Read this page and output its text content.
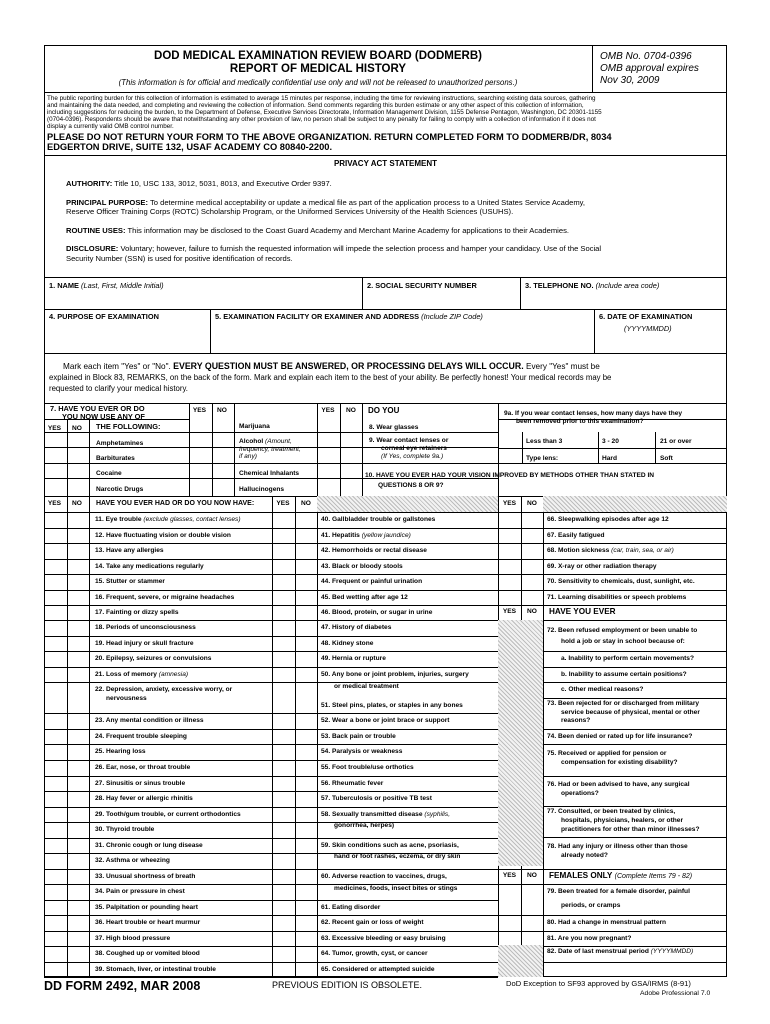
DOD MEDICAL EXAMINATION REVIEW BOARD (DODMERB)
REPORT OF MEDICAL HISTORY
(This information is for official and medically confidential use only and will not be released to unauthorized persons.)
OMB No. 0704-0396
OMB approval expires
Nov 30, 2009
The public reporting burden for this collection of information is estimated to average 15 minutes per response, including the time for reviewing instructions, searching existing data sources, gathering
and maintaining the data needed, and completing and reviewing the collection of information. Send comments regarding this burden estimate or any other aspect of this collection of information,
including suggestions for reducing the burden, to the Department of Defense, Executive Services Directorate, Information Management Division, 1155 Defense Pentagon, Washington, DC 20301-1155
(0704-0396). Respondents should be aware that notwithstanding any other provision of law, no person shall be subject to any penalty for failing to comply with a collection of information if it does not
display a currently valid OMB control number.
PLEASE DO NOT RETURN YOUR FORM TO THE ABOVE ORGANIZATION. RETURN COMPLETED FORM TO DODMERB/DR, 8034
EDGERTON DRIVE, SUITE 132, USAF ACADEMY CO 80840-2200.
PRIVACY ACT STATEMENT
AUTHORITY: Title 10, USC 133, 3012, 5031, 8013, and Executive Order 9397.
PRINCIPAL PURPOSE: To determine medical acceptability or update a medical file as part of the application process to a United States Service Academy,
Reserve Officer Training Corps (ROTC) Scholarship Program, or the Uniformed Services University of the Health Sciences (USUHS).
ROUTINE USES: This information may be disclosed to the Coast Guard Academy and Merchant Marine Academy for applications to their Academies.
DISCLOSURE: Voluntary; however, failure to furnish the requested information will impede the selection process and hamper your candidacy. Use of the Social
Security Number (SSN) is used for positive identification of records.
1. NAME (Last, First, Middle Initial)	2. SOCIAL SECURITY NUMBER	3. TELEPHONE NO. (Include area code)
4. PURPOSE OF EXAMINATION	5. EXAMINATION FACILITY OR EXAMINER AND ADDRESS (Include ZIP Code)	6. DATE OF EXAMINATION
(YYYYMMDD)
Mark each item "Yes" or "No". EVERY QUESTION MUST BE ANSWERED, OR PROCESSING DELAYS WILL OCCUR. Every "Yes" must be
explained in Block 83, REMARKS, on the back of the form. Mark and explain each item to the best of your ability. Be perfectly honest! Your medical records may be
requested to clarify your medical history.
7. HAVE YOU EVER OR DO
YOU NOW USE ANY OF
YES	NO	THE FOLLOWING:
YES	NO	YES	NO
Amphetamines
Barbiturates
Cocaine
Narcotic Drugs
Marijuana
Alcohol (Amount,
frequency, treatment,
if any)
Chemical Inhalants
Hallucinogens
DO YOU
8. Wear glasses
9. Wear contact lenses or
corneal eye retainers
(If Yes, complete 9a.)
10. HAVE YOU EVER HAD YOUR VISION IMPROVED BY METHODS OTHER THAN STATED IN
QUESTIONS 8 OR 9?
9a. If you wear contact lenses, how many days have they
been removed prior to this examination?
Less than 3	3 - 20	21 or over
Type lens:	Hard	Soft
YES	NO	HAVE YOU EVER HAD OR DO YOU NOW HAVE:	YES	NO	YES	NO
YES	NO	HAVE YOU EVER
YES	NO	FEMALES ONLY (Complete Items 79 - 82)
11. Eye trouble (exclude glasses, contact lenses)
12. Have fluctuating vision or double vision
13. Have any allergies
14. Take any medications regularly
15. Stutter or stammer
16. Frequent, severe, or migraine headaches
17. Fainting or dizzy spells
18. Periods of unconsciousness
19. Head injury or skull fracture
20. Epilepsy, seizures or convulsions
21. Loss of memory (amnesia)
22. Depression, anxiety, excessive worry, or
nervousness
23. Any mental condition or illness
24. Frequent trouble sleeping
25. Hearing loss
26. Ear, nose, or throat trouble
27. Sinusitis or sinus trouble
28. Hay fever or allergic rhinitis
29. Tooth/gum trouble, or current orthodontics
30. Thyroid trouble
31. Chronic cough or lung disease
32. Asthma or wheezing
33. Unusual shortness of breath
34. Pain or pressure in chest
35. Palpitation or pounding heart
36. Heart trouble or heart murmur
37. High blood pressure
38. Coughed up or vomited blood
39. Stomach, liver, or intestinal trouble
40. Gallbladder trouble or gallstones
41. Hepatitis (yellow jaundice)
42. Hemorrhoids or rectal disease
43. Black or bloody stools
44. Frequent or painful urination
45. Bed wetting after age 12
46. Blood, protein, or sugar in urine
47. History of diabetes
48. Kidney stone
49. Hernia or rupture
50. Any bone or joint problem, injuries, surgery
or medical treatment
51. Steel pins, plates, or staples in any bones
52. Wear a bone or joint brace or support
53. Back pain or trouble
54. Paralysis or weakness
55. Foot trouble/use orthotics
56. Rheumatic fever
57. Tuberculosis or positive TB test
58. Sexually transmitted disease (syphilis,
gonorrhea, herpes)
59. Skin conditions such as acne, psoriasis,
hand or foot rashes, eczema, or dry skin
60. Adverse reaction to vaccines, drugs,
medicines, foods, insect bites or stings
61. Eating disorder
62. Recent gain or loss of weight
63. Excessive bleeding or easy bruising
64. Tumor, growth, cyst, or cancer
65. Considered or attempted suicide
66. Sleepwalking episodes after age 12
67. Easily fatigued
68. Motion sickness (car, train, sea, or air)
69. X-ray or other radiation therapy
70. Sensitivity to chemicals, dust, sunlight, etc.
71. Learning disabilities or speech problems
72. Been refused employment or been unable to
hold a job or stay in school because of:
a. Inability to perform certain movements?
b. Inability to assume certain positions?
c. Other medical reasons?
73. Been rejected for or discharged from military
service because of physical, mental or other
reasons?
74. Been denied or rated up for life insurance?
75. Received or applied for pension or
compensation for existing disability?
76. Had or been advised to have, any surgical
operations?
77. Consulted, or been treated by clinics,
hospitals, physicians, healers, or other
practitioners for other than minor illnesses?
78. Had any injury or illness other than those
already noted?
79. Been treated for a female disorder, painful
periods, or cramps
80. Had a change in menstrual pattern
81. Are you now pregnant?
82. Date of last menstrual period (YYYYMMDD)
DD FORM 2492, MAR 2008	PREVIOUS EDITION IS OBSOLETE.	DoD Exception to SF93 approved by GSA/IRMS (8-91)
Adobe Professional 7.0
